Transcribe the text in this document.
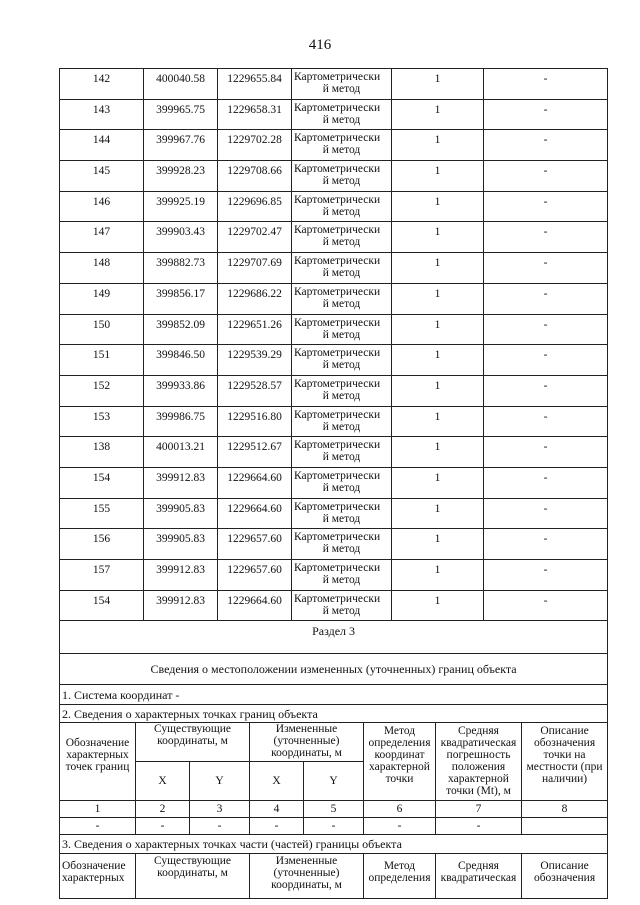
416
142	400040.58	1229655.84	Картометрически
й метод	1	-
143	399965.75	1229658.31	Картометрически
й метод	1	-
144	399967.76	1229702.28	Картометрически
й метод	1	-
145	399928.23	1229708.66	Картометрически
й метод	1	-
146	399925.19	1229696.85	Картометрически
й метод	1	-
147	399903.43	1229702.47	Картометрически
й метод	1	-
148	399882.73	1229707.69	Картометрически
й метод	1	-
149	399856.17	1229686.22	Картометрически
й метод	1	-
150	399852.09	1229651.26	Картометрически
й метод	1	-
151	399846.50	1229539.29	Картометрически
й метод	1	-
152	399933.86	1229528.57	Картометрически
й метод	1	-
153	399986.75	1229516.80	Картометрически
й метод	1	-
138	400013.21	1229512.67	Картометрически
й метод	1	-
154	399912.83	1229664.60	Картометрически
й метод	1	-
155	399905.83	1229664.60	Картометрически
й метод	1	-
156	399905.83	1229657.60	Картометрически
й метод	1	-
157	399912.83	1229657.60	Картометрически
й метод	1	-
154	399912.83	1229664.60	Картометрически
й метод	1	-
Раздел 3							
Сведения о местоположении измененных (уточненных) границ объекта							
1. Система координат -							
2. Сведения о характерных точках границ объекта							
Обозначение характерных точек границ	Существующие координаты, м		Измененные (уточненные) координаты, м		Метод определения координат характерной точки	Средняя квадратическая погрешность положения характерной точки (Mt), м	Описание обозначения точки на местности (при наличии)
	X	Y	X	Y			
1	2	3	4	5	6	7	8
-	-	-	-	-	-	-	
3. Сведения о характерных точках части (частей) границы объекта							
Обозначение характерных	Существующие координаты, м		Измененные (уточненные) координаты, м		Метод определения	Средняя квадратическая	Описание обозначения
